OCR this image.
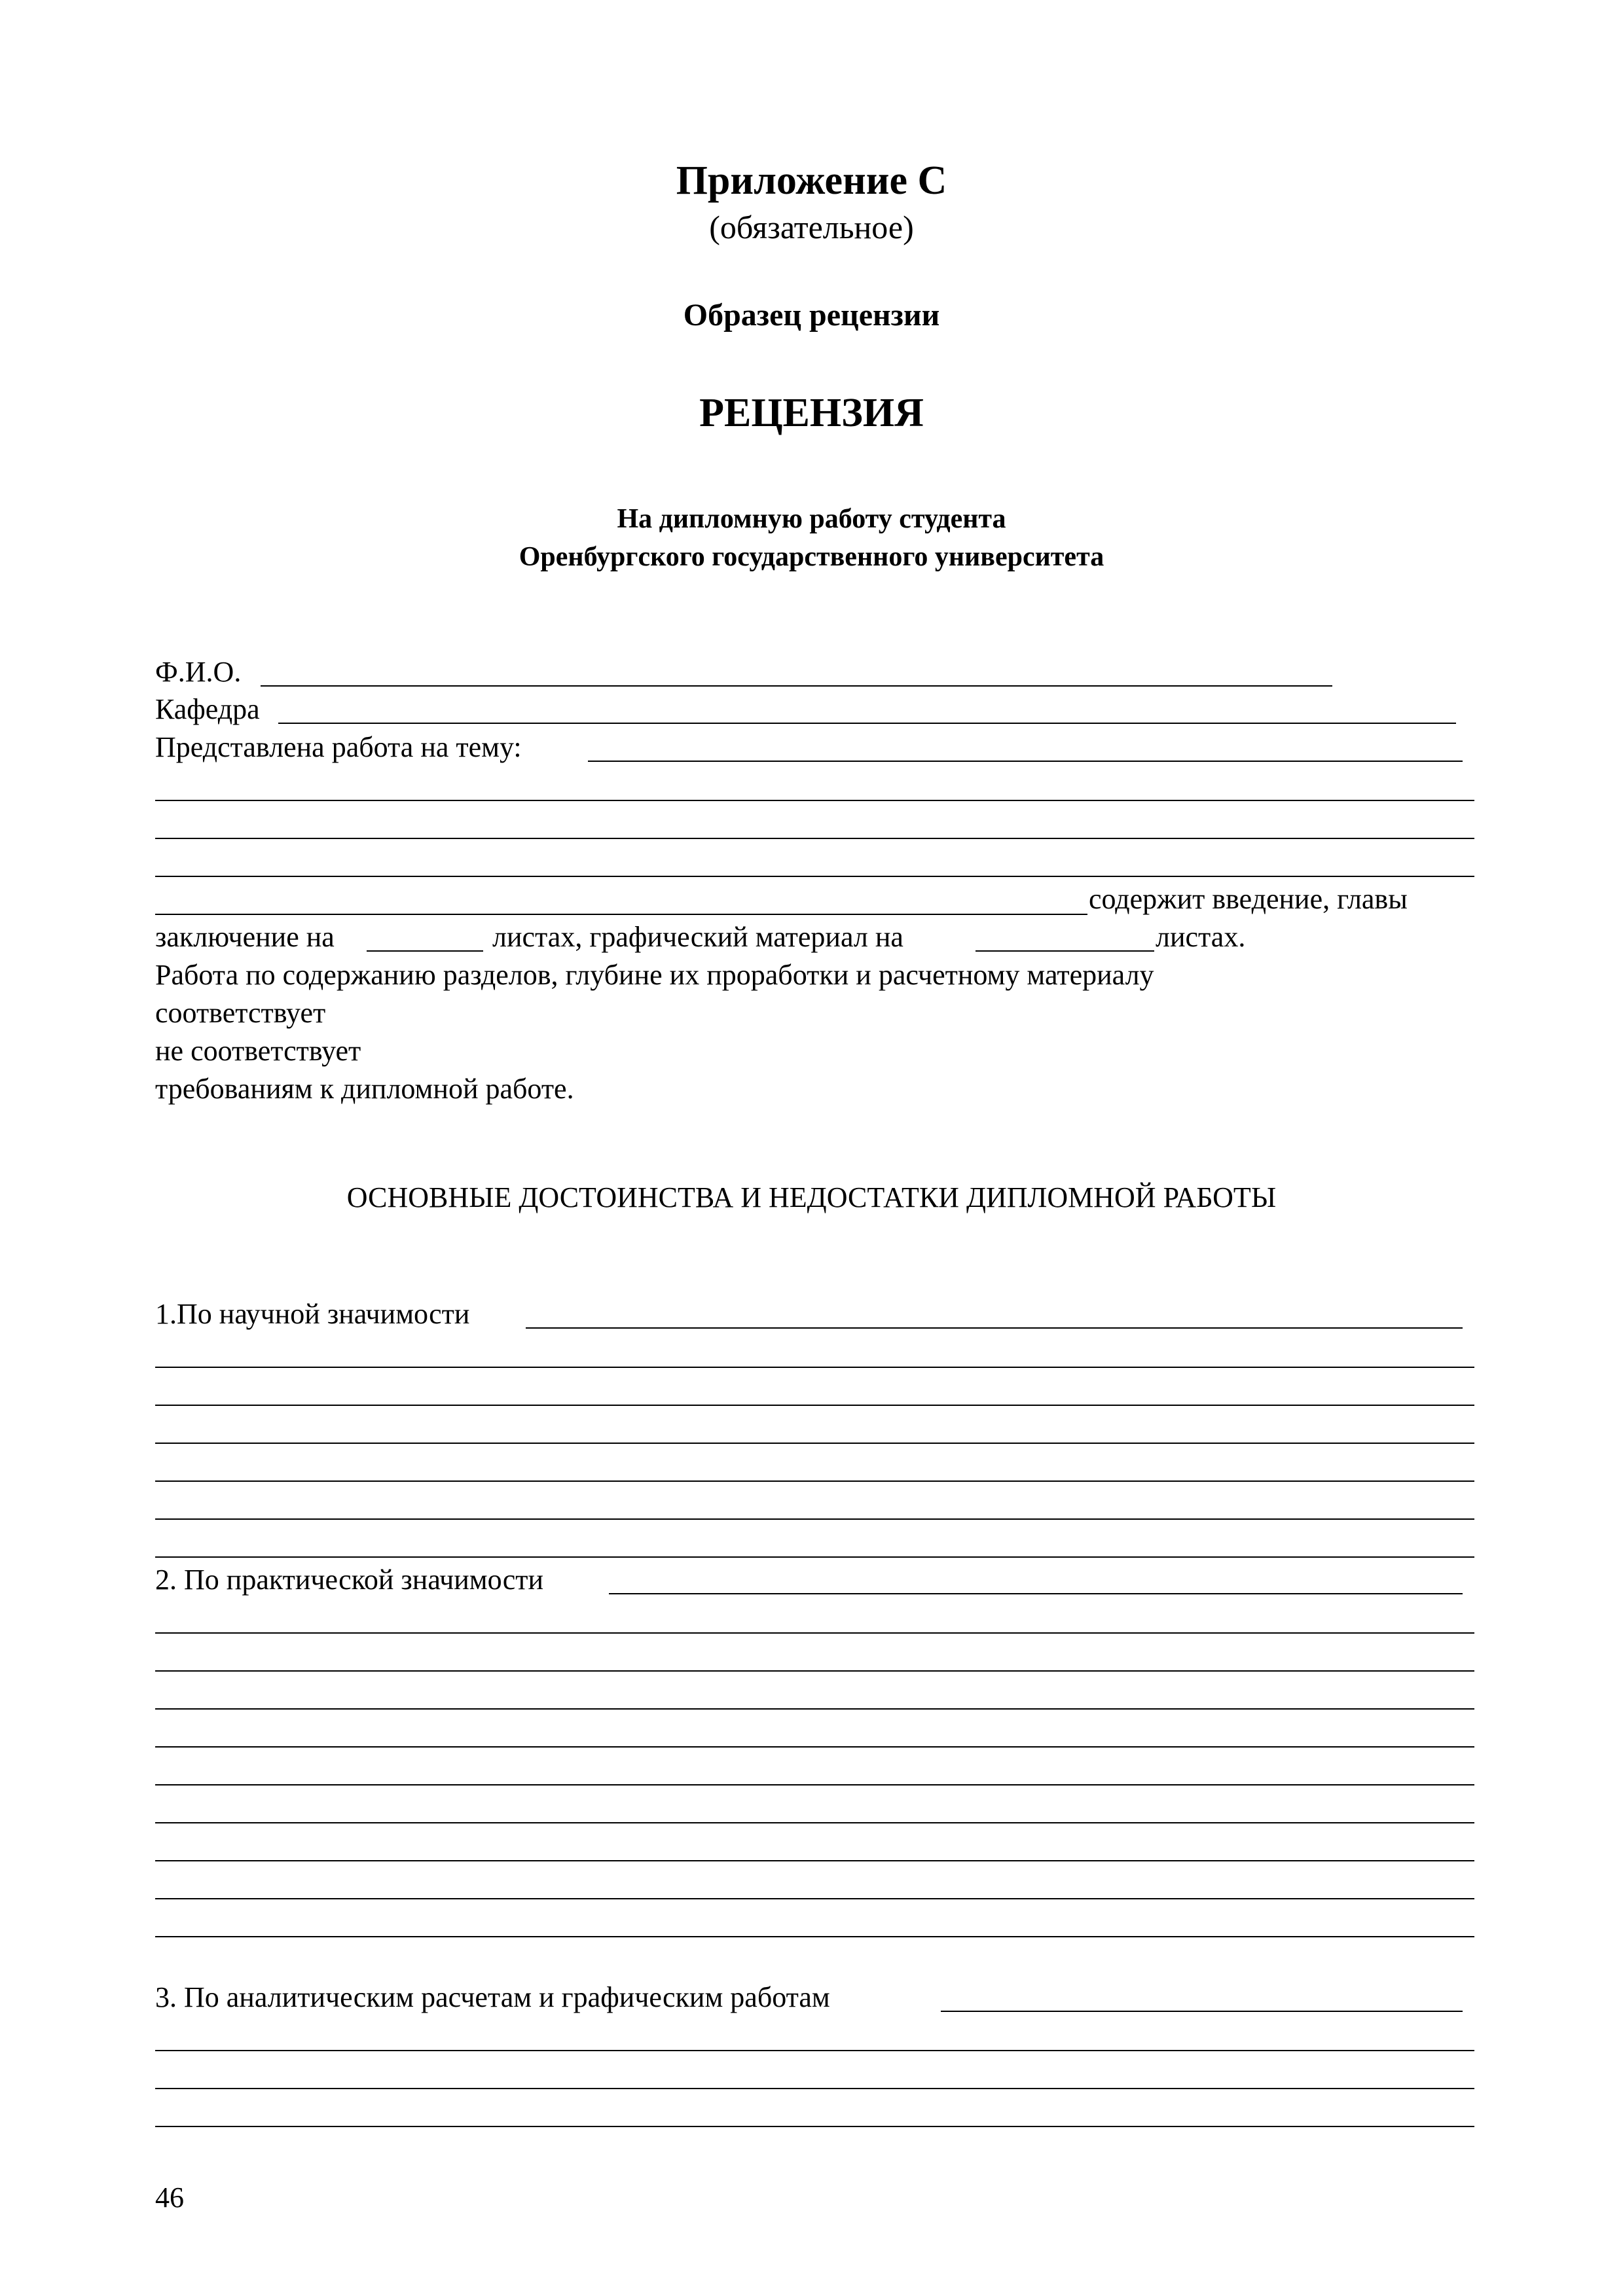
Приложение С
(обязательное)
Образец рецензии
РЕЦЕНЗИЯ
На дипломную работу студента
Оренбургского государственного университета
Ф.И.О.
Кафедра
Представлена работа на тему:
содержит введение, главы
заключение на	листах, графический материал на	листах.
Работа по содержанию разделов, глубине их проработки и расчетному материалу
соответствует
не соответствует
требованиям к дипломной работе.
ОСНОВНЫЕ ДОСТОИНСТВА И НЕДОСТАТКИ ДИПЛОМНОЙ РАБОТЫ
1.По научной значимости
2. По практической значимости
3. По аналитическим расчетам и графическим работам
46
